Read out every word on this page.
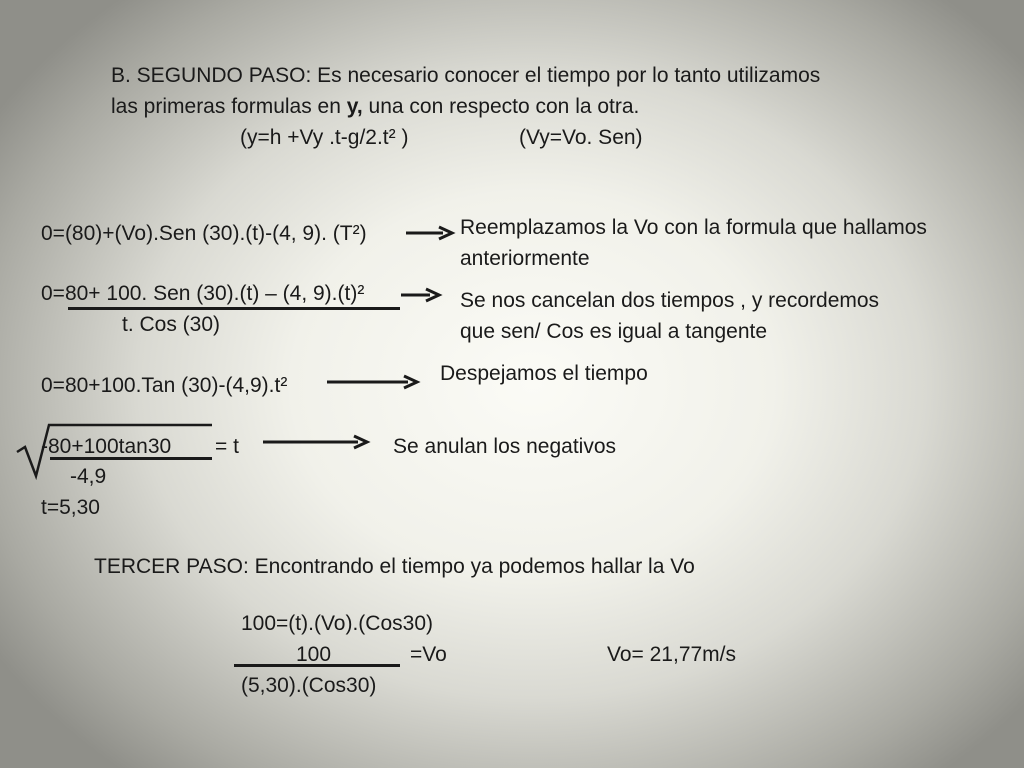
B. SEGUNDO PASO: Es necesario conocer el tiempo por lo tanto utilizamos

las primeras formulas en y, una con respecto con la otra.

(y=h +Vy .t-g/2.t² )	(Vy=Vo. Sen)

0=(80)+(Vo).Sen (30).(t)-(4, 9). (T²)	Reemplazamos la Vo con la formula que hallamos

anteriormente

0=80+ 100. Sen (30).(t) – (4, 9).(t)²

t. Cos (30)

Se nos cancelan dos tiempos , y recordemos

que sen/ Cos es igual a tangente

0=80+100.Tan (30)-(4,9).t²

Despejamos el tiempo

-80+100tan30 = t

-4,9

t=5,30

Se anulan los negativos

TERCER PASO: Encontrando el tiempo ya podemos hallar la Vo

100=(t).(Vo).(Cos30)

100	=Vo

(5,30).(Cos30)

Vo= 21,77m/s
